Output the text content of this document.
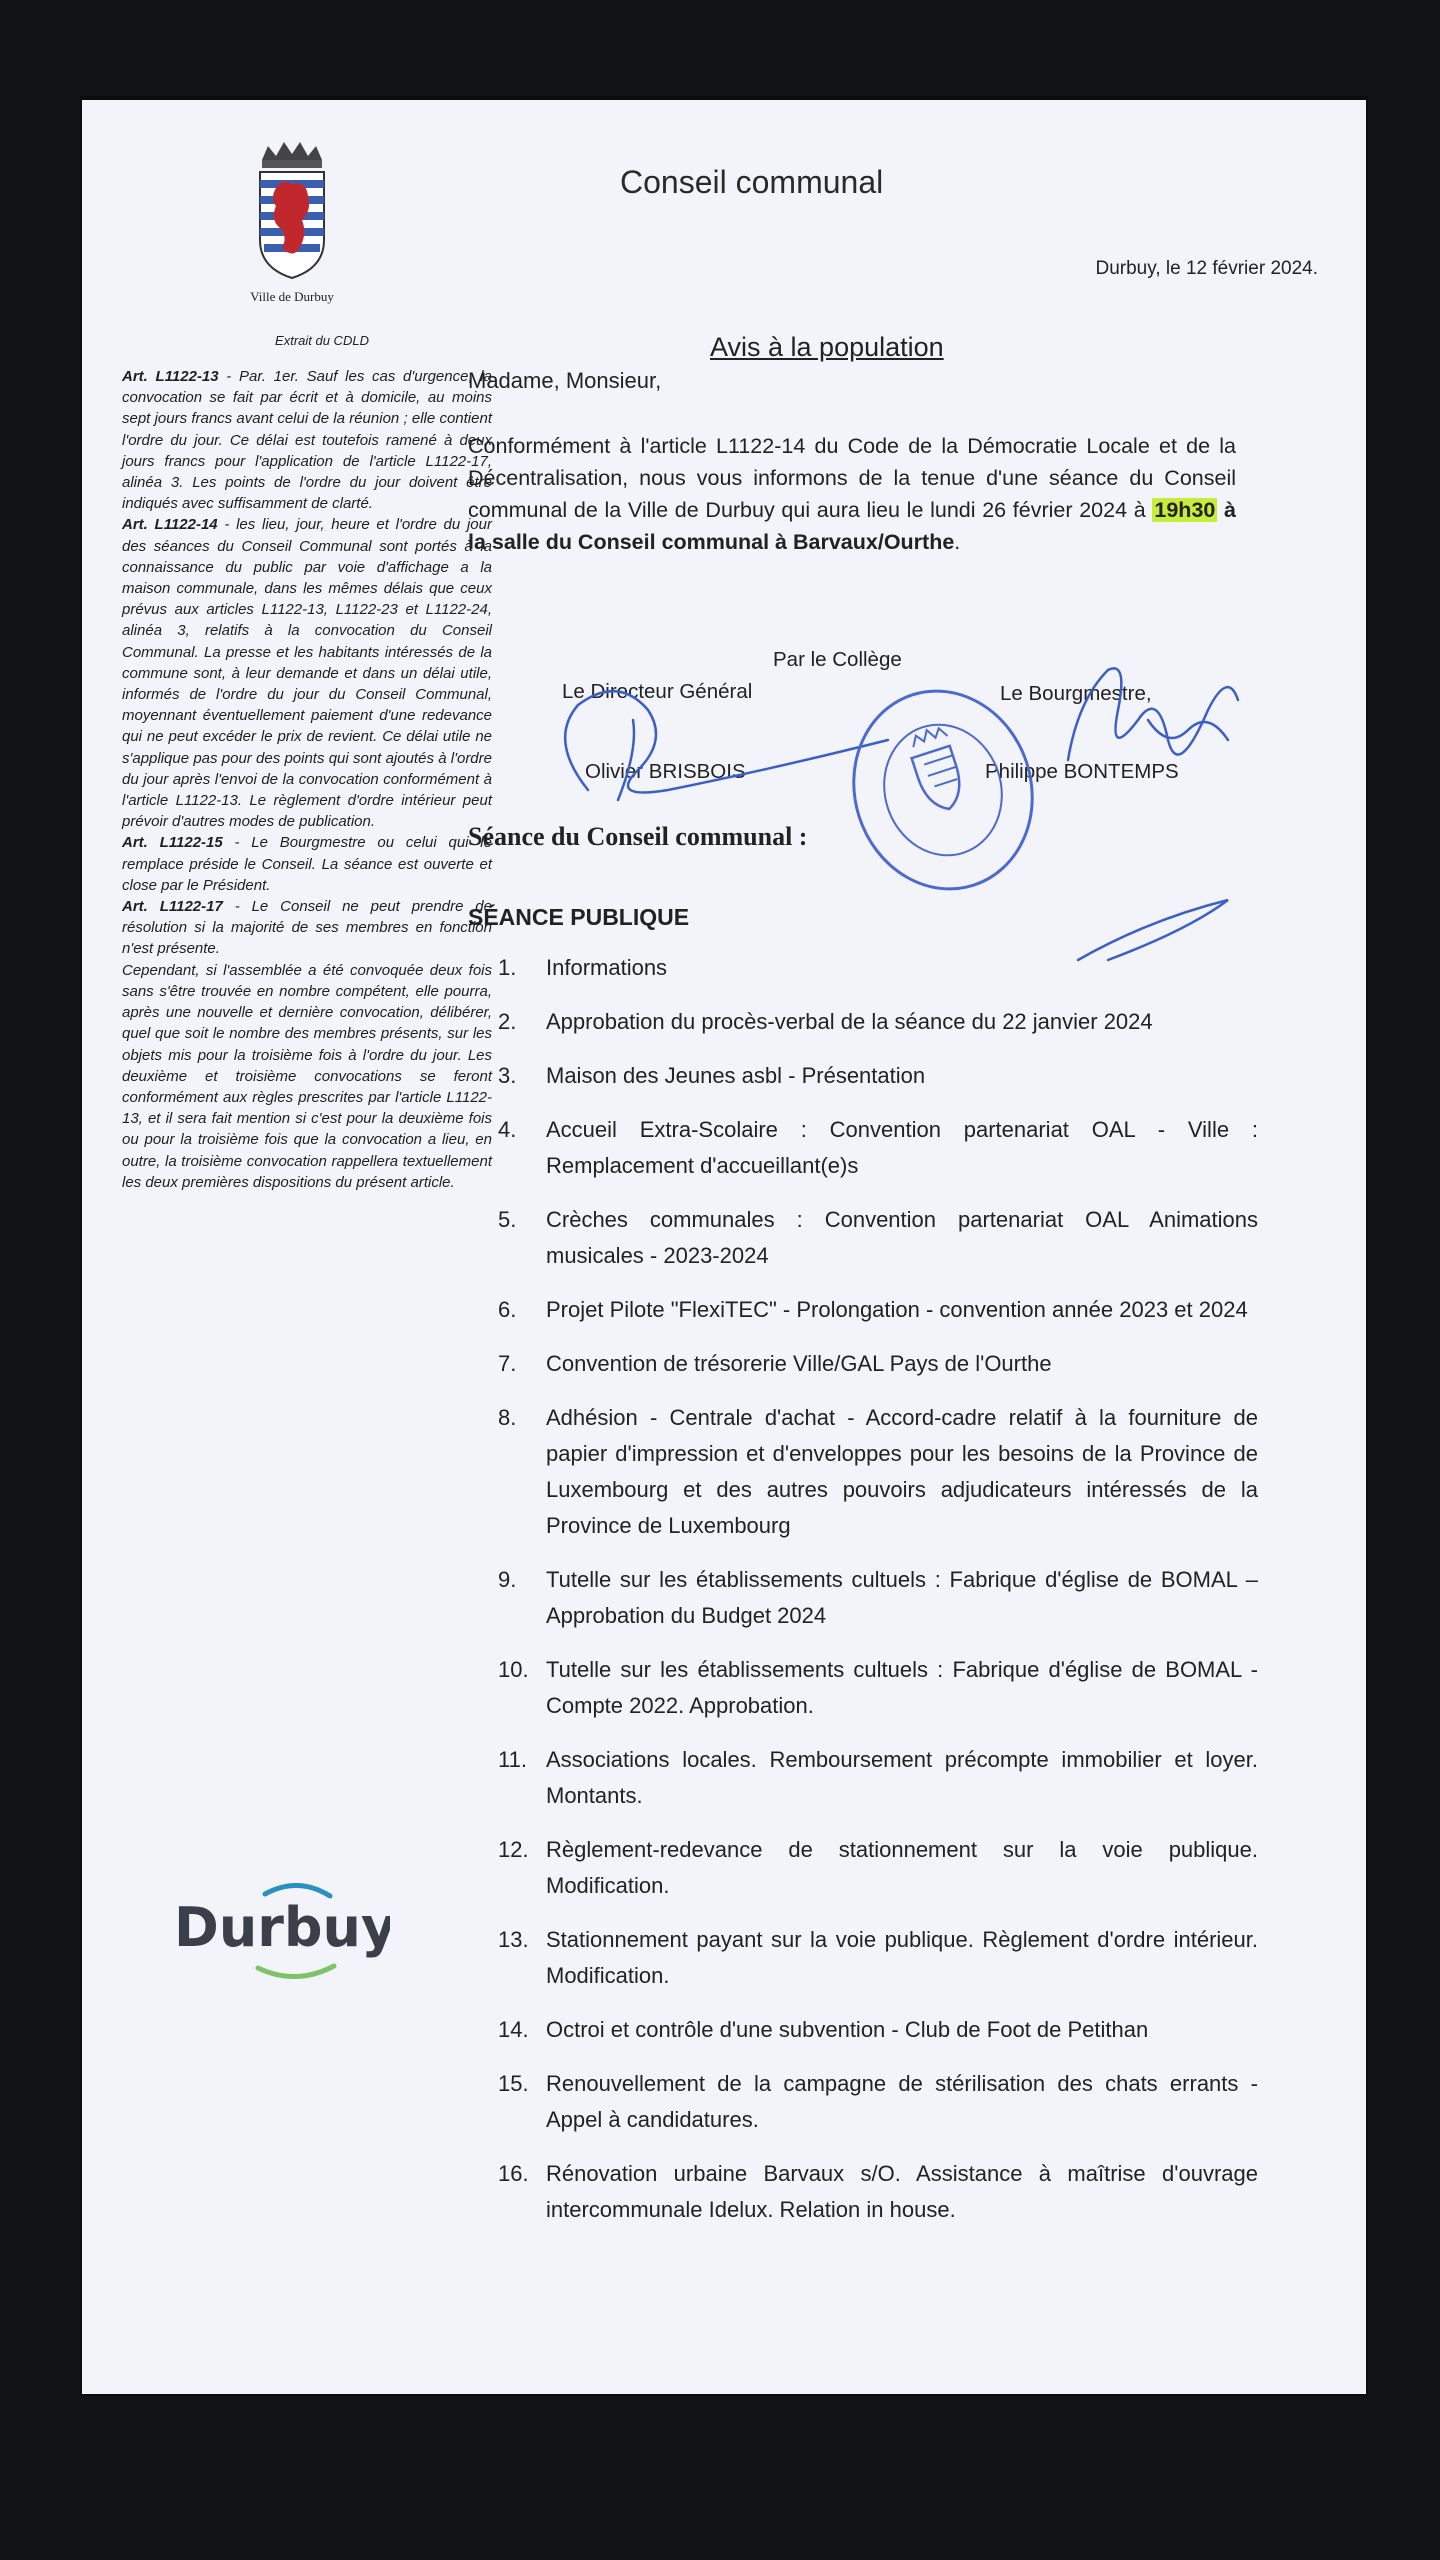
Ville de Durbuy
Extrait du CDLD

Art. L1122-13 - Par. 1er. Sauf les cas d'urgence, la convocation se fait par écrit et à domicile, au moins sept jours francs avant celui de la réunion ; elle contient l'ordre du jour. Ce délai est toutefois ramené à deux jours francs pour l'application de l'article L1122-17, alinéa 3. Les points de l'ordre du jour doivent être indiqués avec suffisamment de clarté.

Art. L1122-14 - les lieu, jour, heure et l'ordre du jour des séances du Conseil Communal sont portés à la connaissance du public par voie d'affichage a la maison communale, dans les mêmes délais que ceux prévus aux articles L1122-13, L1122-23 et L1122-24, alinéa 3, relatifs à la convocation du Conseil Communal. La presse et les habitants intéressés de la commune sont, à leur demande et dans un délai utile, informés de l'ordre du jour du Conseil Communal, moyennant éventuellement paiement d'une redevance qui ne peut excéder le prix de revient. Ce délai utile ne s'applique pas pour des points qui sont ajoutés à l'ordre du jour après l'envoi de la convocation conformément à l'article L1122-13. Le règlement d'ordre intérieur peut prévoir d'autres modes de publication.

Art. L1122-15 - Le Bourgmestre ou celui qui le remplace préside le Conseil. La séance est ouverte et close par le Président.

Art. L1122-17 - Le Conseil ne peut prendre de résolution si la majorité de ses membres en fonction n'est présente.

Cependant, si l'assemblée a été convoquée deux fois sans s'être trouvée en nombre compétent, elle pourra, après une nouvelle et dernière convocation, délibérer, quel que soit le nombre des membres présents, sur les objets mis pour la troisième fois à l'ordre du jour. Les deuxième et troisième convocations se feront conformément aux règles prescrites par l'article L1122-13, et il sera fait mention si c'est pour la deuxième fois ou pour la troisième fois que la convocation a lieu, en outre, la troisième convocation rappellera textuellement les deux premières dispositions du présent article.

Durbuy
Conseil communal
Durbuy, le 12 février 2024.
Avis à la population
Madame, Monsieur,
Conformément à l'article L1122-14 du Code de la Démocratie Locale et de la Décentralisation, nous vous informons de la tenue d'une séance du Conseil communal de la Ville de Durbuy qui aura lieu le lundi 26 février 2024 à 19h30 à la salle du Conseil communal à Barvaux/Ourthe.
Par le Collège
Le Directeur Général
Olivier BRISBOIS
Le Bourgmestre,
Philippe BONTEMPS
Séance du Conseil communal :
SÉANCE PUBLIQUE
1.	Informations
2.	Approbation du procès-verbal de la séance du 22 janvier 2024
3.	Maison des Jeunes asbl - Présentation
4.	Accueil Extra-Scolaire : Convention partenariat OAL - Ville : Remplacement d'accueillant(e)s
5.	Crèches communales : Convention partenariat OAL Animations musicales - 2023-2024
6.	Projet Pilote "FlexiTEC" - Prolongation - convention année 2023 et 2024
7.	Convention de trésorerie Ville/GAL Pays de l'Ourthe
8.	Adhésion - Centrale d'achat - Accord-cadre relatif à la fourniture de papier d'impression et d'enveloppes pour les besoins de la Province de Luxembourg et des autres pouvoirs adjudicateurs intéressés de la Province de Luxembourg
9.	Tutelle sur les établissements cultuels : Fabrique d'église de BOMAL – Approbation du Budget 2024
10. Tutelle sur les établissements cultuels : Fabrique d'église de BOMAL - Compte 2022. Approbation.
11. Associations locales. Remboursement précompte immobilier et loyer. Montants.
12. Règlement-redevance de stationnement sur la voie publique. Modification.
13. Stationnement payant sur la voie publique. Règlement d'ordre intérieur. Modification.
14. Octroi et contrôle d'une subvention - Club de Foot de Petithan
15. Renouvellement de la campagne de stérilisation des chats errants - Appel à candidatures.
16. Rénovation urbaine Barvaux s/O. Assistance à maîtrise d'ouvrage intercommunale Idelux. Relation in house.
